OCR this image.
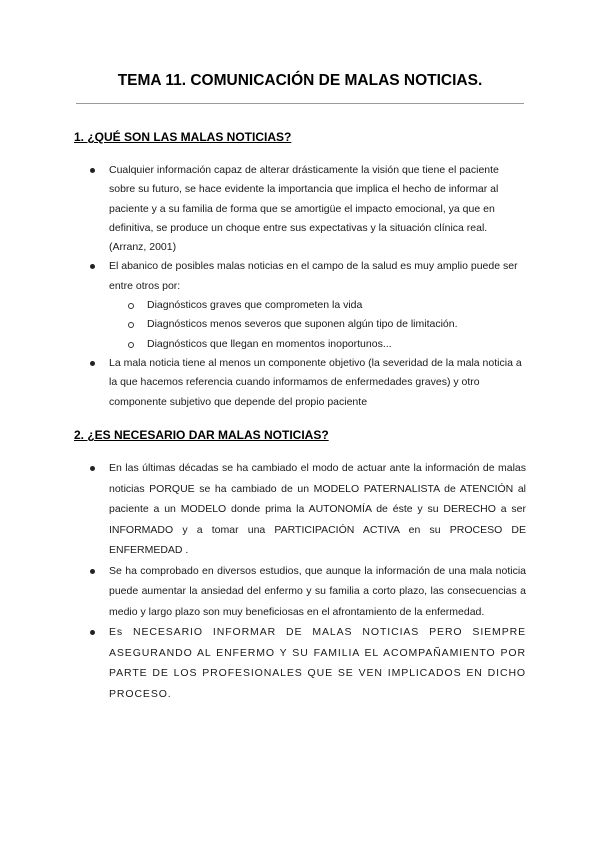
TEMA 11. COMUNICACIÓN DE MALAS NOTICIAS.
1. ¿QUÉ SON LAS MALAS NOTICIAS?
Cualquier información capaz de alterar drásticamente la visión que tiene el paciente sobre su futuro, se hace evidente la importancia que implica el hecho de informar al paciente y a su familia de forma que se amortigüe el impacto emocional, ya que en definitiva, se produce un choque entre sus expectativas y la situación clínica real. (Arranz, 2001)
El abanico de posibles malas noticias en el campo de la salud es muy amplio puede ser entre otros por:
Diagnósticos graves que comprometen la vida
Diagnósticos menos severos que suponen algún tipo de limitación.
Diagnósticos que llegan en momentos inoportunos...
La mala noticia tiene al menos un componente objetivo (la severidad de la mala noticia a la que hacemos referencia cuando informamos de enfermedades graves) y otro componente subjetivo que depende del propio paciente
2. ¿ES NECESARIO DAR MALAS NOTICIAS?
En las últimas décadas se ha cambiado el modo de actuar ante la información de malas noticias PORQUE se ha cambiado de un MODELO PATERNALISTA de ATENCIÓN al paciente a un MODELO donde prima la AUTONOMÍA de éste y su DERECHO a ser INFORMADO y a tomar una PARTICIPACIÓN ACTIVA en su PROCESO DE ENFERMEDAD .
Se ha comprobado en diversos estudios, que aunque la información de una mala noticia puede aumentar la ansiedad del enfermo y su familia a corto plazo, las consecuencias a medio y largo plazo son muy beneficiosas en el afrontamiento de la enfermedad.
Es NECESARIO INFORMAR DE MALAS NOTICIAS PERO SIEMPRE ASEGURANDO AL ENFERMO Y SU FAMILIA EL ACOMPAÑAMIENTO POR PARTE DE LOS PROFESIONALES QUE SE VEN IMPLICADOS EN DICHO PROCESO.
